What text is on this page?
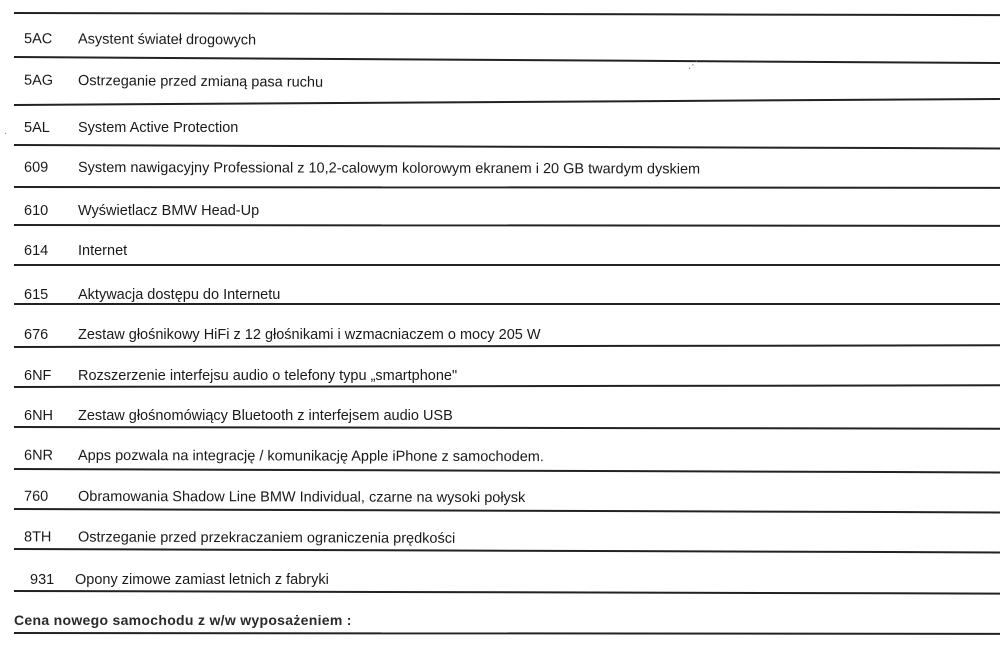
5AC	Asystent świateł drogowych
5AG	Ostrzeganie przed zmianą pasa ruchu
5AL	System Active Protection
609	System nawigacyjny Professional z 10,2-calowym kolorowym ekranem i 20 GB twardym dyskiem
610	Wyświetlacz BMW Head-Up
614	Internet
615	Aktywacja dostępu do Internetu
676	Zestaw głośnikowy HiFi z 12 głośnikami i wzmacniaczem o mocy 205 W
6NF	Rozszerzenie interfejsu audio o telefony typu „smartphone"
6NH	Zestaw głośnomówiący Bluetooth z interfejsem audio USB
6NR	Apps pozwala na integrację / komunikację Apple iPhone z samochodem.
760	Obramowania Shadow Line BMW Individual, czarne na wysoki połysk
8TH	Ostrzeganie przed przekraczaniem ograniczenia prędkości
931	Opony zimowe zamiast letnich z fabryki
Cena nowego samochodu z w/w wyposażeniem :
⋰
·
